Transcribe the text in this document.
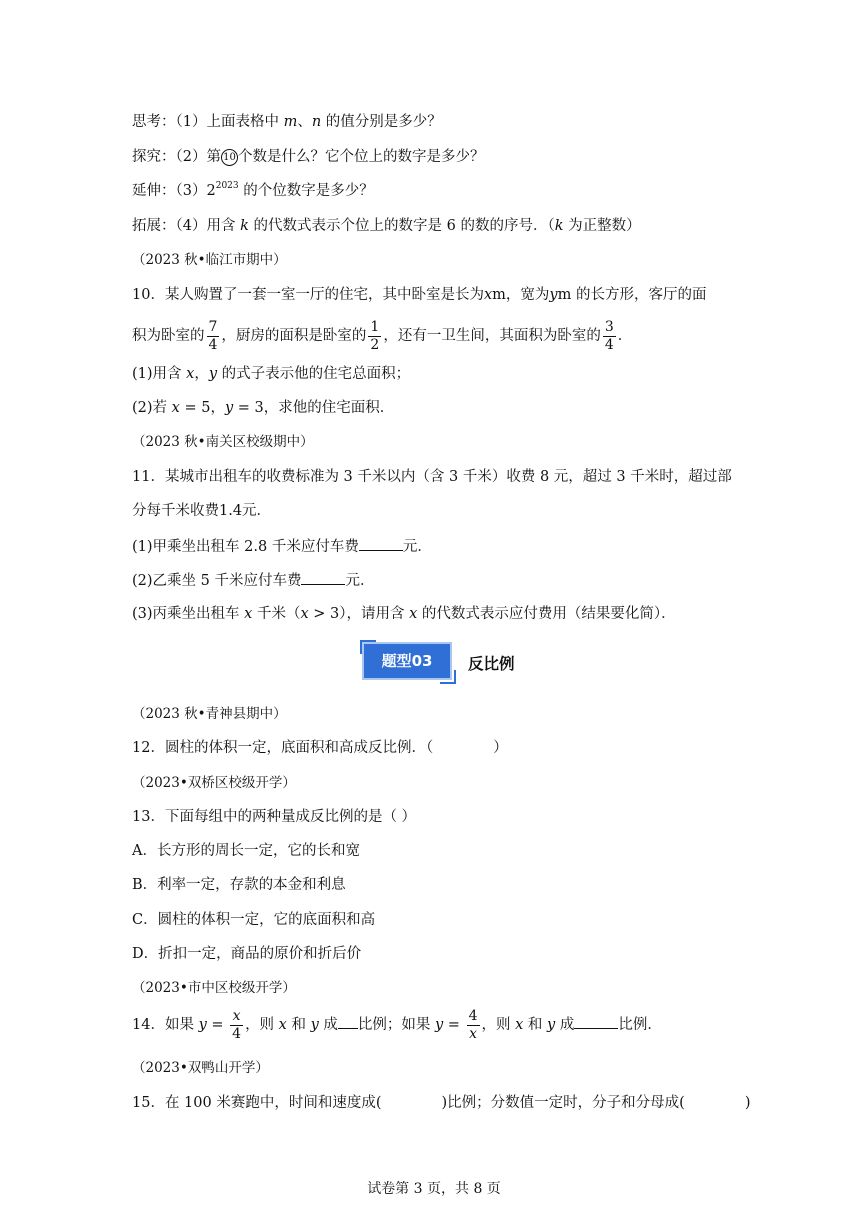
思考：（1）上面表格中 m、n 的值分别是多少？
探究：（2）第 10 个数是什么？它个位上的数字是多少？
延伸：$(3)2^{2023}$ 的个位数字是多少？
拓展：（4）用含 k 的代数式表示个位上的数字是 6 的数的序号．（k 为正整数）
（2023 秋•临江市期中）
10．某人购置了一套一室一厅的住宅，其中卧室是长为xm，宽为ym 的长方形，客厅的面
积为卧室的 $\frac{7}{4}$ ，厨房的面积是卧室的 $\frac{1}{2}$ ，还有一卫生间，其面积为卧室的 $\frac{3}{4}$ ．
(1)用含 x，y 的式子表示他的住宅总面积；
(2)若 x = 5，y = 3，求他的住宅面积．
（2023 秋•南关区校级期中）
11．某城市出租车的收费标准为 3 千米以内（含 3 千米）收费 8 元，超过 3 千米时，超过部
分每千米收费1.4元．
(1)甲乘坐出租车 2.8 千米应付车费	元．
(2)乙乘坐 5 千米应付车费	元．
(3)丙乘坐出租车 x 千米（x > 3），请用含 x 的代数式表示应付费用（结果要化简）．
题型03	反比例
（2023 秋•青神县期中）
12．圆柱的体积一定，底面积和高成反比例．（	）
（2023•双桥区校级开学）
13．下面每组中的两种量成反比例的是（ ）
A．长方形的周长一定，它的长和宽
B．利率一定，存款的本金和利息
C．圆柱的体积一定，它的底面积和高
D．折扣一定，商品的原价和折后价
（2023•市中区校级开学）
14．如果 $y = \frac{x}{4}$ ，则 x 和 y 成 比例；如果 $y = \frac{4}{x}$ ，则 x 和 y 成	比例．
（2023•双鸭山开学）
15．在 100 米赛跑中，时间和速度成(	)比例；分数值一定时，分子和分母成(	)
试卷第 3 页，共 8 页
